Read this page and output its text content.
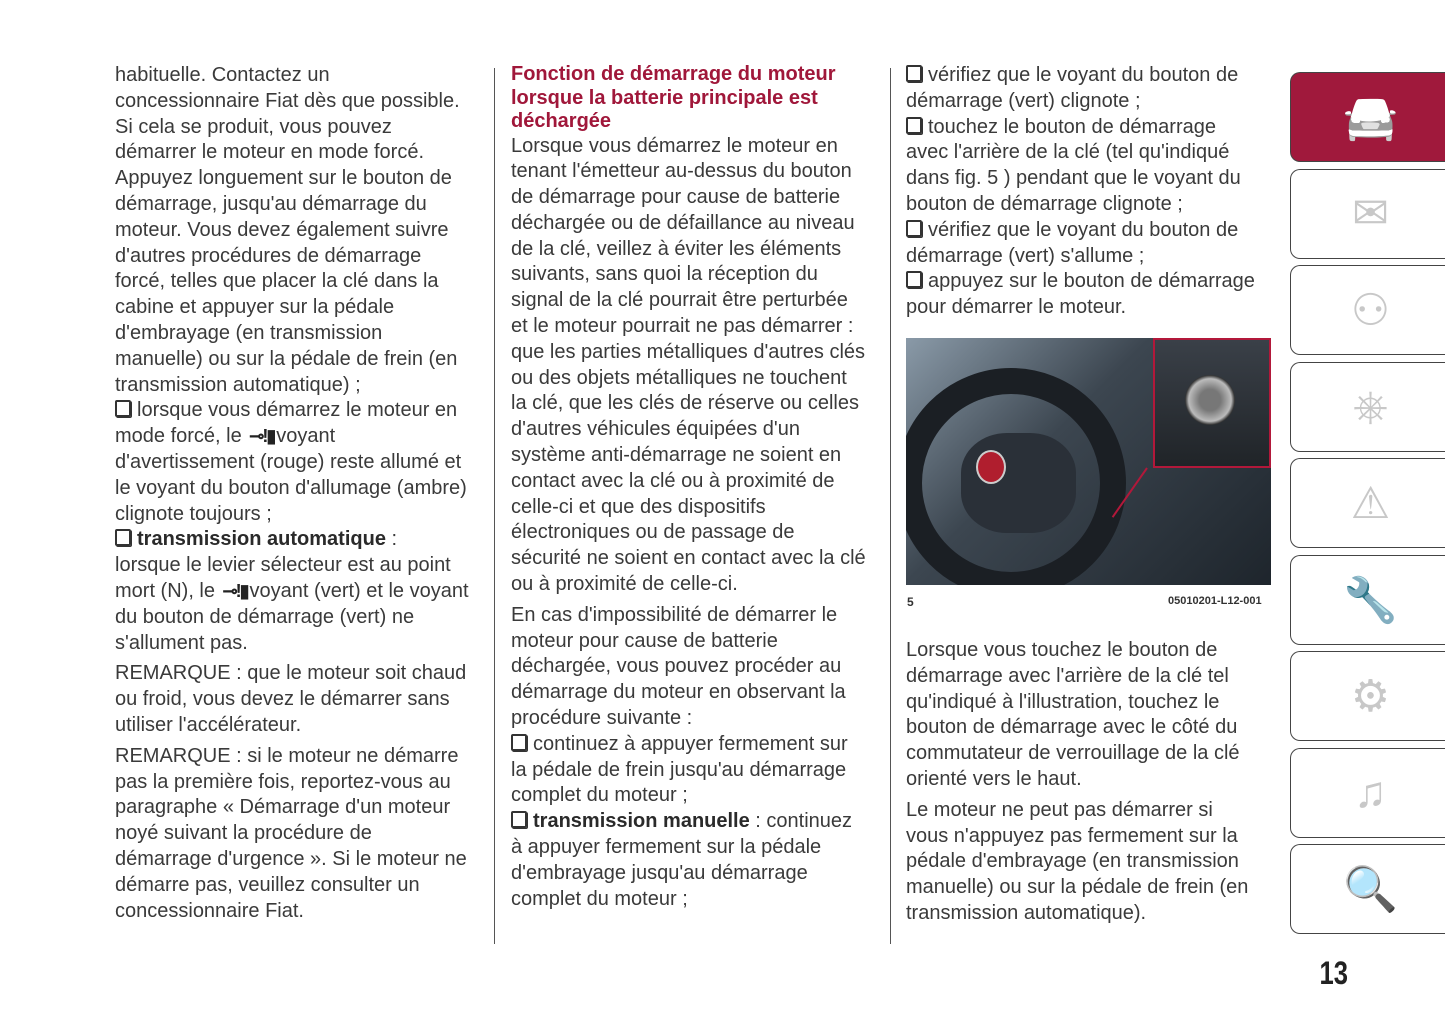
habituelle. Contactez un
concessionnaire Fiat dès que possible.
Si cela se produit, vous pouvez
démarrer le moteur en mode forcé.
Appuyez longuement sur le bouton de
démarrage, jusqu'au démarrage du
moteur. Vous devez également suivre
d'autres procédures de démarrage
forcé, telles que placer la clé dans la
cabine et appuyer sur la pédale
d'embrayage (en transmission
manuelle) ou sur la pédale de frein (en
transmission automatique) ;
lorsque vous démarrez le moteur en
mode forcé, le ⊸!▮ voyant
d'avertissement (rouge) reste allumé et
le voyant du bouton d'allumage (ambre)
clignote toujours ;
transmission automatique :
lorsque le levier sélecteur est au point
mort (N), le ⊸!▮ voyant (vert) et le voyant
du bouton de démarrage (vert) ne
s'allument pas.
REMARQUE : que le moteur soit chaud
ou froid, vous devez le démarrer sans
utiliser l'accélérateur.
REMARQUE : si le moteur ne démarre
pas la première fois, reportez-vous au
paragraphe « Démarrage d'un moteur
noyé suivant la procédure de
démarrage d'urgence ». Si le moteur ne
démarre pas, veuillez consulter un
concessionnaire Fiat.
Fonction de démarrage du moteur
lorsque la batterie principale est
déchargée
Lorsque vous démarrez le moteur en
tenant l'émetteur au-dessus du bouton
de démarrage pour cause de batterie
déchargée ou de défaillance au niveau
de la clé, veillez à éviter les éléments
suivants, sans quoi la réception du
signal de la clé pourrait être perturbée
et le moteur pourrait ne pas démarrer :
que les parties métalliques d'autres clés
ou des objets métalliques ne touchent
la clé, que les clés de réserve ou celles
d'autres véhicules équipées d'un
système anti-démarrage ne soient en
contact avec la clé ou à proximité de
celle-ci et que des dispositifs
électroniques ou de passage de
sécurité ne soient en contact avec la clé
ou à proximité de celle-ci.
En cas d'impossibilité de démarrer le
moteur pour cause de batterie
déchargée, vous pouvez procéder au
démarrage du moteur en observant la
procédure suivante :
continuez à appuyer fermement sur
la pédale de frein jusqu'au démarrage
complet du moteur ;
transmission manuelle : continuez
à appuyer fermement sur la pédale
d'embrayage jusqu'au démarrage
complet du moteur ;
vérifiez que le voyant du bouton de
démarrage (vert) clignote ;
touchez le bouton de démarrage
avec l'arrière de la clé (tel qu'indiqué
dans fig. 5 ) pendant que le voyant du
bouton de démarrage clignote ;
vérifiez que le voyant du bouton de
démarrage (vert) s'allume ;
appuyez sur le bouton de démarrage
pour démarrer le moteur.
5	05010201-L12-001
Lorsque vous touchez le bouton de
démarrage avec l'arrière de la clé tel
qu'indiqué à l'illustration, touchez le
bouton de démarrage avec le côté du
commutateur de verrouillage de la clé
orienté vers le haut.
Le moteur ne peut pas démarrer si
vous n'appuyez pas fermement sur la
pédale d'embrayage (en transmission
manuelle) ou sur la pédale de frein (en
transmission automatique).
🚘
✉
⚇
⎈
⚠
🔧
⚙
♫
🔍
13
